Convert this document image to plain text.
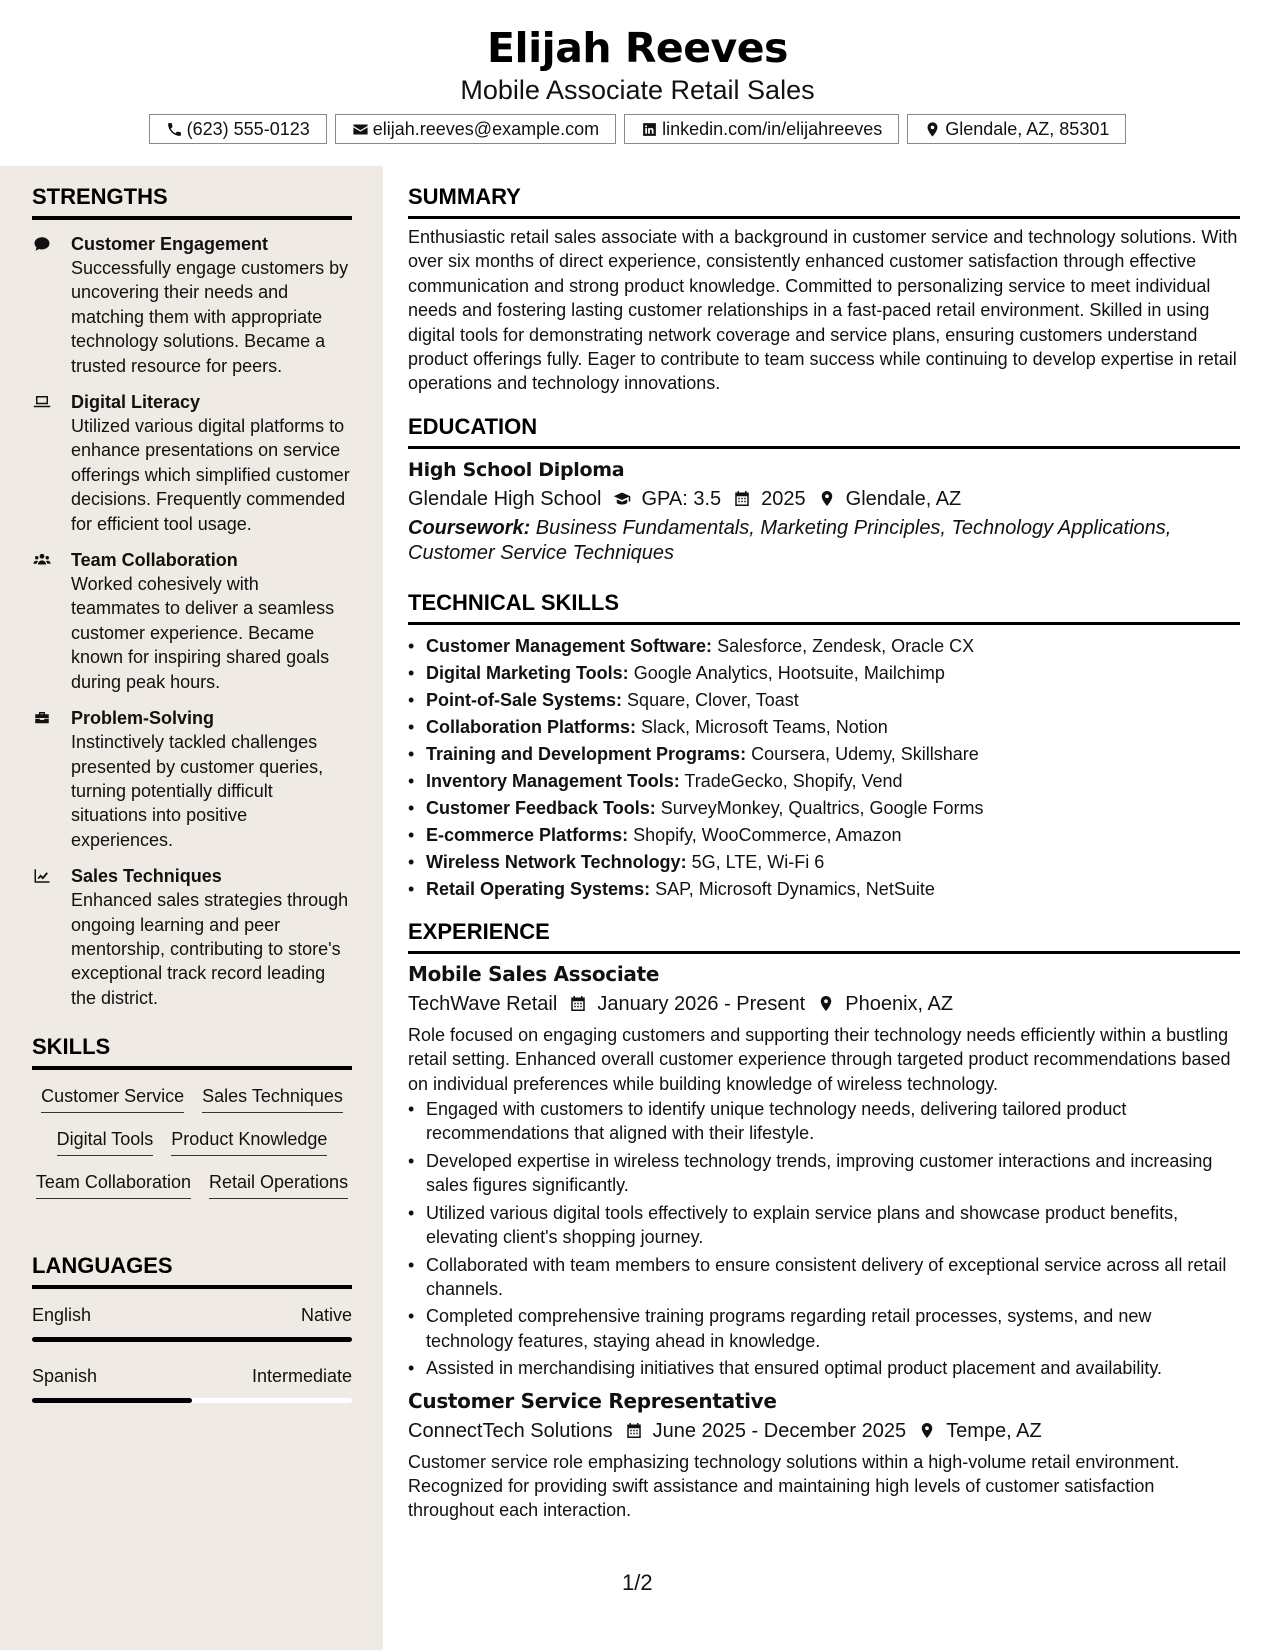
Elijah Reeves
Mobile Associate Retail Sales
(623) 555-0123	elijah.reeves@example.com	linkedin.com/in/elijahreeves	Glendale, AZ, 85301
STRENGTHS
Customer Engagement
Successfully engage customers by uncovering their needs and matching them with appropriate technology solutions. Became a trusted resource for peers.
Digital Literacy
Utilized various digital platforms to enhance presentations on service offerings which simplified customer decisions. Frequently commended for efficient tool usage.
Team Collaboration
Worked cohesively with teammates to deliver a seamless customer experience. Became known for inspiring shared goals during peak hours.
Problem-Solving
Instinctively tackled challenges presented by customer queries, turning potentially difficult situations into positive experiences.
Sales Techniques
Enhanced sales strategies through ongoing learning and peer mentorship, contributing to store's exceptional track record leading the district.
SKILLS
Customer Service Sales Techniques
Digital Tools Product Knowledge
Team Collaboration Retail Operations
LANGUAGES
English	Native
Spanish	Intermediate
SUMMARY
Enthusiastic retail sales associate with a background in customer service and technology solutions. With over six months of direct experience, consistently enhanced customer satisfaction through effective communication and strong product knowledge. Committed to personalizing service to meet individual needs and fostering lasting customer relationships in a fast-paced retail environment. Skilled in using digital tools for demonstrating network coverage and service plans, ensuring customers understand product offerings fully. Eager to contribute to team success while continuing to develop expertise in retail operations and technology innovations.
EDUCATION
High School Diploma
Glendale High School GPA: 3.5 2025 Glendale, AZ
Coursework: Business Fundamentals, Marketing Principles, Technology Applications, Customer Service Techniques
TECHNICAL SKILLS
• Customer Management Software: Salesforce, Zendesk, Oracle CX
• Digital Marketing Tools: Google Analytics, Hootsuite, Mailchimp
• Point-of-Sale Systems: Square, Clover, Toast
• Collaboration Platforms: Slack, Microsoft Teams, Notion
• Training and Development Programs: Coursera, Udemy, Skillshare
• Inventory Management Tools: TradeGecko, Shopify, Vend
• Customer Feedback Tools: SurveyMonkey, Qualtrics, Google Forms
• E-commerce Platforms: Shopify, WooCommerce, Amazon
• Wireless Network Technology: 5G, LTE, Wi-Fi 6
• Retail Operating Systems: SAP, Microsoft Dynamics, NetSuite
EXPERIENCE
Mobile Sales Associate
TechWave Retail January 2026 - Present Phoenix, AZ
Role focused on engaging customers and supporting their technology needs efficiently within a bustling retail setting. Enhanced overall customer experience through targeted product recommendations based on individual preferences while building knowledge of wireless technology.
• Engaged with customers to identify unique technology needs, delivering tailored product recommendations that aligned with their lifestyle.
• Developed expertise in wireless technology trends, improving customer interactions and increasing sales figures significantly.
• Utilized various digital tools effectively to explain service plans and showcase product benefits, elevating client's shopping journey.
• Collaborated with team members to ensure consistent delivery of exceptional service across all retail channels.
• Completed comprehensive training programs regarding retail processes, systems, and new technology features, staying ahead in knowledge.
• Assisted in merchandising initiatives that ensured optimal product placement and availability.
Customer Service Representative
ConnectTech Solutions June 2025 - December 2025 Tempe, AZ
Customer service role emphasizing technology solutions within a high-volume retail environment. Recognized for providing swift assistance and maintaining high levels of customer satisfaction throughout each interaction.
1/2
